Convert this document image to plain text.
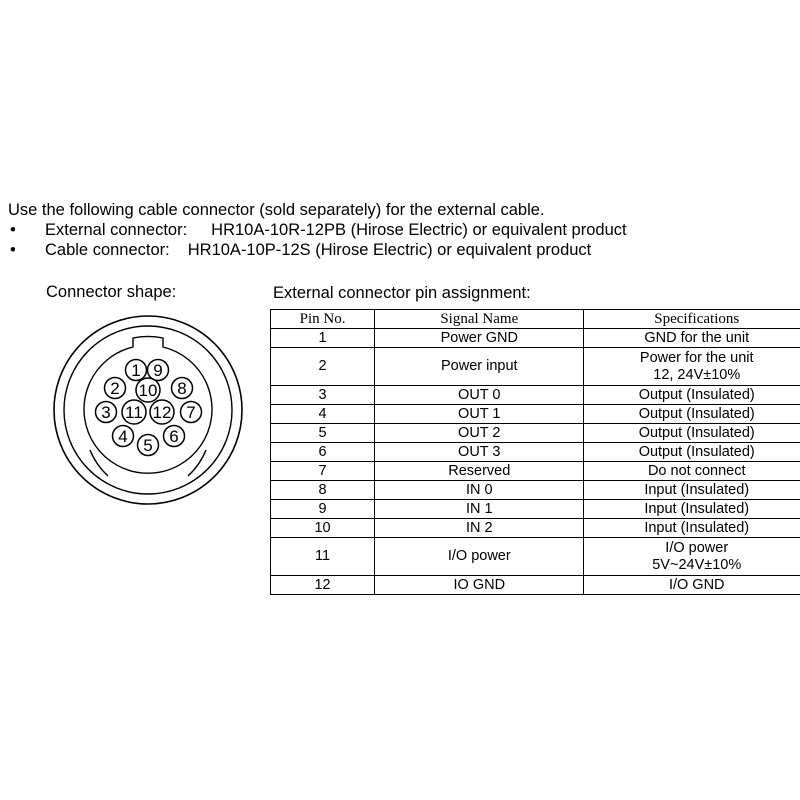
Use the following cable connector (sold separately) for the external cable.
•	External connector: HR10A-10R-12PB (Hirose Electric) or equivalent product
•	Cable connector: HR10A-10P-12S (Hirose Electric) or equivalent product
Connector shape:	External connector pin assignment:
1 9
2 10 8
3 11 12 7
4 5 6
Pin No.	Signal Name	Specifications
1	Power GND	GND for the unit

2	Power input	Power for the unit
12, 24V±10%

3	OUT 0	Output (Insulated)

4	OUT 1	Output (Insulated)

5	OUT 2	Output (Insulated)

6	OUT 3	Output (Insulated)

7	Reserved	Do not connect

8	IN 0	Input (Insulated)

9	IN 1	Input (Insulated)

10	IN 2	Input (Insulated)

11	I/O power	I/O power
5V~24V±10%

12	IO GND	I/O GND
